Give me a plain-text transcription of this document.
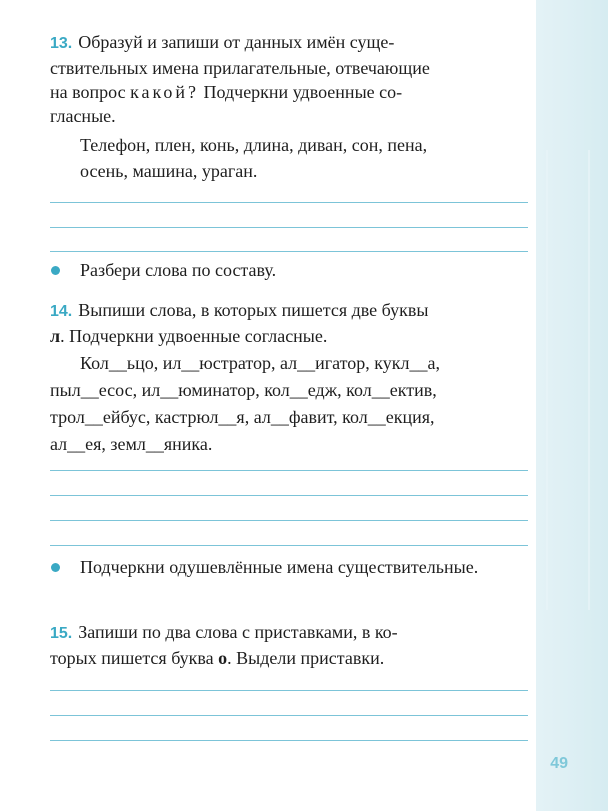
13. Образуй и запиши от данных имён суще-
ствительных имена прилагательные, отвечающие
на вопрос какой? Подчеркни удвоенные со-
гласные.
Телефон, плен, конь, длина, диван, сон, пена,
осень, машина, ураган.
Разбери слова по составу.
14. Выпиши слова, в которых пишется две буквы
л. Подчеркни удвоенные согласные.
Кол__ьцо, ил__юстратор, ал__игатор, кукл__а,
пыл__есос, ил__юминатор, кол__едж, кол__ектив,
трол__ейбус, кастрюл__я, ал__фавит, кол__екция,
ал__ея, земл__яника.
Подчеркни одушевлённые имена существительные.
15. Запиши по два слова с приставками, в ко-
торых пишется буква о. Выдели приставки.
49
